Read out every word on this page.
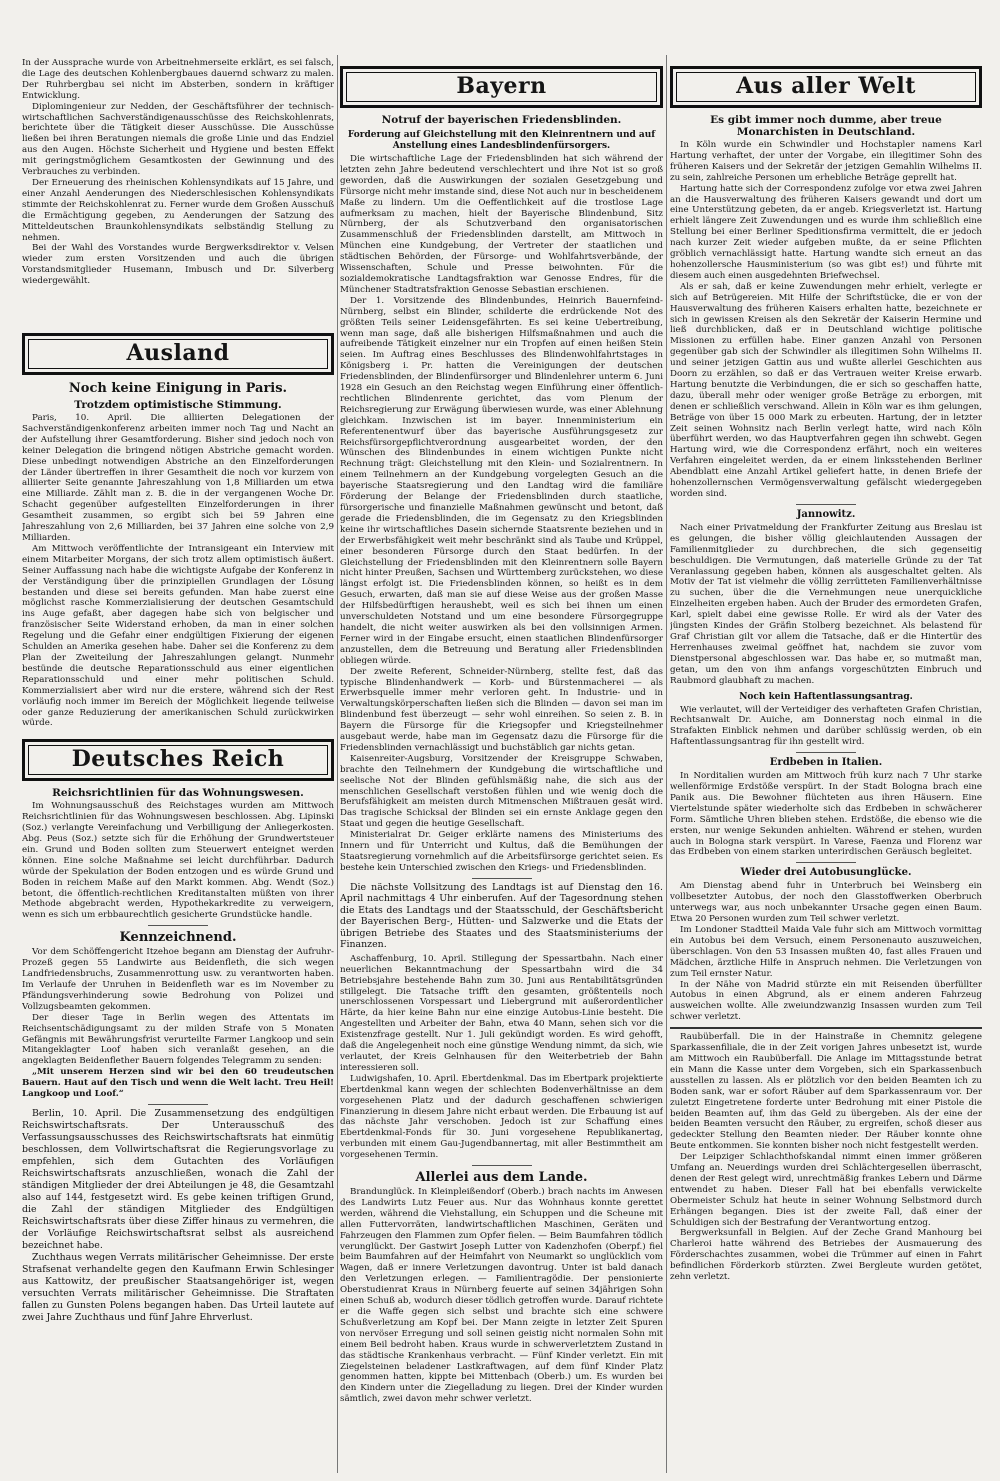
In der Aussprache wurde von Arbeitnehmerseite erklärt, es sei falsch, die Lage des deutschen Kohlenbergbaues dauernd schwarz zu malen. Der Ruhrbergbau sei nicht im Absterben, sondern in kräftiger Entwicklung.

Diplomingenieur zur Nedden, der Geschäftsführer der technisch-wirtschaftlichen Sachverständigenausschüsse des Reichskohlenrats, berichtete über die Tätigkeit dieser Ausschüsse. Die Ausschüsse ließen bei ihren Beratungen niemals die große Linie und das Endziel aus den Augen. Höchste Sicherheit und Hygiene und besten Effekt mit geringstmöglichem Gesamtkosten der Gewinnung und des Verbrauches zu verbinden.

Der Erneuerung des rheinischen Kohlensyndikats auf 15 Jahre, und einer Anzahl Aenderungen des Niederschlesischen Kohlensyndikats stimmte der Reichskohlenrat zu. Ferner wurde dem Großen Ausschuß die Ermächtigung gegeben, zu Aenderungen der Satzung des Mitteldeutschen Braunkohlensyndikats selbständig Stellung zu nehmen.

Bei der Wahl des Vorstandes wurde Bergwerksdirektor v. Velsen wieder zum ersten Vorsitzenden und auch die übrigen Vorstandsmitglieder Husemann, Imbusch und Dr. Silverberg wiedergewählt.

Ausland
Noch keine Einigung in Paris.
Trotzdem optimistische Stimmung.

Paris, 10. April. Die alliierten Delegationen der Sachverständigenkonferenz arbeiten immer noch Tag und Nacht an der Aufstellung ihrer Gesamtforderung. Bisher sind jedoch noch von keiner Delegation die bringend nötigen Abstriche gemacht worden. Diese unbedingt notwendigen Abstriche an den Einzelforderungen der Länder übertreffen in ihrer Gesamtheit die noch vor kurzem von alliierter Seite genannte Jahreszahlung von 1,8 Milliarden um etwa eine Milliarde. Zählt man z. B. die in der vergangenen Woche Dr. Schacht gegenüber aufgestellten Einzelforderungen in ihrer Gesamtheit zusammen, so ergibt sich bei 59 Jahren eine Jahreszahlung von 2,6 Milliarden, bei 37 Jahren eine solche von 2,9 Milliarden.

Am Mittwoch veröffentlichte der Intransigeant ein Interview mit einem Mitarbeiter Morgans, der sich trotz allem optimistisch äußert. Seiner Auffassung nach habe die wichtigste Aufgabe der Konferenz in der Verständigung über die prinzipiellen Grundlagen der Lösung bestanden und diese sei bereits gefunden. Man habe zuerst eine möglichst rasche Kommerzialisierung der deutschen Gesamtschuld ins Auge gefaßt, aber dagegen habe sich von belgischer und französischer Seite Widerstand erhoben, da man in einer solchen Regelung und die Gefahr einer endgültigen Fixierung der eigenen Schulden an Amerika gesehen habe. Daher sei die Konferenz zu dem Plan der Zweiteilung der Jahreszahlungen gelangt. Nunmehr bestünde die deutsche Reparationsschuld aus einer eigentlichen Reparationsschuld und einer mehr politischen Schuld. Kommerzialisiert aber wird nur die erstere, während sich der Rest vorläufig noch immer im Bereich der Möglichkeit liegende teilweise oder ganze Reduzierung der amerikanischen Schuld zurückwirken würde.

Deutsches Reich
Reichsrichtlinien für das Wohnungswesen.

Im Wohnungsausschuß des Reichstages wurden am Mittwoch Reichsrichtlinien für das Wohnungswesen beschlossen. Abg. Lipinski (Soz.) verlangte Vereinfachung und Verbilligung der Anliegerkosten. Abg. Peus (Soz.) setzte sich für die Erhöhung der Grundwertsteuer ein. Grund und Boden sollten zum Steuerwert enteignet werden können. Eine solche Maßnahme sei leicht durchführbar. Dadurch würde der Spekulation der Boden entzogen und es würde Grund und Boden in reichem Maße auf den Markt kommen. Abg. Wendt (Soz.) betont, die öffentlich-rechtlichen Kreditanstalten müßten von ihrer Methode abgebracht werden, Hypothekarkredite zu verweigern, wenn es sich um erbbaurechtlich gesicherte Grundstücke handle.

Kennzeichnend.

Vor dem Schöffengericht Itzehoe begann am Dienstag der Aufruhr-Prozeß gegen 55 Landwirte aus Beidenfleth, die sich wegen Landfriedensbruchs, Zusammenrottung usw. zu verantworten haben. Im Verlaufe der Unruhen in Beidenfleth war es im November zu Pfändungsverhinderung sowie Bedrohung von Polizei und Vollzugsbeamten gekommen.

Der dieser Tage in Berlin wegen des Attentats im Reichsentschädigungsamt zu der milden Strafe von 5 Monaten Gefängnis mit Bewährungsfrist verurteilte Farmer Langkoop und sein Mitangeklagter Loof haben sich veranlaßt gesehen, an die angeklagten Beidenflether Bauern folgendes Telegramm zu senden:

„Mit unserem Herzen sind wir bei den 60 treudeutschen Bauern. Haut auf den Tisch und wenn die Welt lacht. Treu Heil! Langkoop und Loof.“

Berlin, 10. April. Die Zusammensetzung des endgültigen Reichswirtschaftsrats. Der Unterausschuß des Verfassungsausschusses des Reichswirtschaftsrats hat einmütig beschlossen, dem Vollwirtschaftsrat die Regierungsvorlage zu empfehlen, sich dem Gutachten des Vorläufigen Reichswirtschaftsrats anzuschließen, wonach die Zahl der ständigen Mitglieder der drei Abteilungen je 48, die Gesamtzahl also auf 144, festgesetzt wird. Es gebe keinen triftigen Grund, die Zahl der ständigen Mitglieder des Endgültigen Reichswirtschaftsrats über diese Ziffer hinaus zu vermehren, die der Vorläufige Reichswirtschaftsrat selbst als ausreichend bezeichnet habe.

Zuchthaus wegen Verrats militärischer Geheimnisse. Der erste Strafsenat verhandelte gegen den Kaufmann Erwin Schlesinger aus Kattowitz, der preußischer Staatsangehöriger ist, wegen versuchten Verrats militärischer Geheimnisse. Die Straftaten fallen zu Gunsten Polens begangen haben. Das Urteil lautete auf zwei Jahre Zuchthaus und fünf Jahre Ehrverlust.

Bayern
Notruf der bayerischen Friedensblinden.
Forderung auf Gleichstellung mit den Kleinrentnern und auf Anstellung eines Landesblindenfürsorgers.

Die wirtschaftliche Lage der Friedensblinden hat sich während der letzten zehn Jahre bedeutend verschlechtert und ihre Not ist so groß geworden, daß die Auswirkungen der sozialen Gesetzgebung und Fürsorge nicht mehr imstande sind, diese Not auch nur in bescheidenem Maße zu lindern. Um die Oeffentlichkeit auf die trostlose Lage aufmerksam zu machen, hielt der Bayerische Blindenbund, Sitz Nürnberg, der als Schutzverband den organisatorischen Zusammenschluß der Friedensblinden darstellt, am Mittwoch in München eine Kundgebung, der Vertreter der staatlichen und städtischen Behörden, der Fürsorge- und Wohlfahrtsverbände, der Wissenschaften, Schule und Presse beiwohnten. Für die sozialdemokratische Landtagsfraktion war Genosse Endres, für die Münchener Stadtratsfraktion Genosse Sebastian erschienen.

Der 1. Vorsitzende des Blindenbundes, Heinrich Bauernfeind-Nürnberg, selbst ein Blinder, schilderte die erdrückende Not des größten Teils seiner Leidensgefährten. Es sei keine Uebertreibung, wenn man sage, daß alle bisherigen Hilfsmaßnahmen und auch die aufreibende Tätigkeit einzelner nur ein Tropfen auf einen heißen Stein seien. Im Auftrag eines Beschlusses des Blindenwohlfahrtstages in Königsberg i. Pr. hatten die Vereinigungen der deutschen Friedensblinden, der Blindenfürsorger und Blindenlehrer unterm 6. Juni 1928 ein Gesuch an den Reichstag wegen Einführung einer öffentlich-rechtlichen Blindenrente gerichtet, das vom Plenum der Reichsregierung zur Erwägung überwiesen wurde, was einer Ablehnung gleichkam. Inzwischen ist im bayer. Innenministerium ein Referentenentwurf über das bayerische Ausführungsgesetz zur Reichsfürsorgepflichtverordnung ausgearbeitet worden, der den Wünschen des Blindenbundes in einem wichtigen Punkte nicht Rechnung trägt: Gleichstellung mit den Klein- und Sozialrentnern. In einem Teilnehmern an der Kundgebung vorgelegten Gesuch an die bayerische Staatsregierung und den Landtag wird die familiäre Förderung der Belange der Friedensblinden durch staatliche, fürsorgerische und finanzielle Maßnahmen gewünscht und betont, daß gerade die Friedensblinden, die im Gegensatz zu den Kriegsblinden keine ihr wirtschaftliches Dasein sichernde Staatsrente beziehen und in der Erwerbsfähigkeit weit mehr beschränkt sind als Taube und Krüppel, einer besonderen Fürsorge durch den Staat bedürfen. In der Gleichstellung der Friedensblinden mit den Kleinrentnern solle Bayern nicht hinter Preußen, Sachsen und Württemberg zurückstehen, wo diese längst erfolgt ist. Die Friedensblinden können, so heißt es in dem Gesuch, erwarten, daß man sie auf diese Weise aus der großen Masse der Hilfsbedürftigen heraushebt, weil es sich bei ihnen um einen unverschuldeten Notstand und um eine besondere Fürsorgegruppe handelt, die nicht weiter auswirken als bei den vollsinnigen Armen. Ferner wird in der Eingabe ersucht, einen staatlichen Blindenfürsorger anzustellen, dem die Betreuung und Beratung aller Friedensblinden obliegen würde.

Der zweite Referent, Schneider-Nürnberg, stellte fest, daß das typische Blindenhandwerk — Korb- und Bürstenmacherei — als Erwerbsquelle immer mehr verloren geht. In Industrie- und in Verwaltungskörperschaften ließen sich die Blinden — davon sei man im Blindenbund fest überzeugt — sehr wohl einreihen. So seien z. B. in Bayern die Fürsorge für die Kriegsopfer und Kriegsteilnehmer ausgebaut werde, habe man im Gegensatz dazu die Fürsorge für die Friedensblinden vernachlässigt und buchstäblich gar nichts getan.

Kaisenreiter-Augsburg, Vorsitzender der Kreisgruppe Schwaben, brachte den Teilnehmern der Kundgebung die wirtschaftliche und seelische Not der Blinden gefühlsmäßig nahe, die sich aus der menschlichen Gesellschaft verstoßen fühlen und wie wenig doch die Berufsfähigkeit am meisten durch Mitmenschen Mißtrauen gesät wird. Das tragische Schicksal der Blinden sei ein ernste Anklage gegen den Staat und gegen die heutige Gesellschaft.

Ministerialrat Dr. Geiger erklärte namens des Ministeriums des Innern und für Unterricht und Kultus, daß die Bemühungen der Staatsregierung vornehmlich auf die Arbeitsfürsorge gerichtet seien. Es bestehe kein Unterschied zwischen den Kriegs- und Friedensblinden.

Die nächste Vollsitzung des Landtags ist auf Dienstag den 16. April nachmittags 4 Uhr einberufen. Auf der Tagesordnung stehen die Etats des Landtags und der Staatsschuld, der Geschäftsbericht der Bayerischen Berg-, Hütten- und Salzwerke und die Etats der übrigen Betriebe des Staates und des Staatsministeriums der Finanzen.

Aschaffenburg, 10. April. Stillegung der Spessartbahn. Nach einer neuerlichen Bekanntmachung der Spessartbahn wird die 34 Betriebsjahre bestehende Bahn zum 30. Juni aus Rentabilitätsgründen stillgelegt. Die Tatsache trifft den gesamten, größtenteils noch unerschlossenen Vorspessart und Liebergrund mit außerordentlicher Härte, da hier keine Bahn nur eine einzige Autobus-Linie besteht. Die Angestellten und Arbeiter der Bahn, etwa 40 Mann, sehen sich vor die Existenzfrage gestellt. Nur 1. Juli gekündigt worden. Es wird gehofft, daß die Angelegenheit noch eine günstige Wendung nimmt, da sich, wie verlautet, der Kreis Gelnhausen für den Weiterbetrieb der Bahn interessieren soll.

Ludwigshafen, 10. April. Ebertdenkmal. Das im Ebertpark projektierte Ebertdenkmal kann wegen der schlechten Bodenverhältnisse an dem vorgesehenen Platz und der dadurch geschaffenen schwierigen Finanzierung in diesem Jahre nicht erbaut werden. Die Erbauung ist auf das nächste Jahr verschoben. Jedoch ist zur Schaffung eines Ebertdenkmal-Fonds für 30. Juni vorgesehene Republikanertag, verbunden mit einem Gau-Jugendbannertag, mit aller Bestimmtheit am vorgesehenen Termin.

Allerlei aus dem Lande.

Brandunglück. In Kleinpleißendorf (Oberb.) brach nachts im Anwesen des Landwirts Lutz Feuer aus. Nur das Wohnhaus konnte gerettet werden, während die Viehstallung, ein Schuppen und die Scheune mit allen Futtervorräten, landwirtschaftlichen Maschinen, Geräten und Fahrzeugen den Flammen zum Opfer fielen. — Beim Baumfahren tödlich verunglückt. Der Gastwirt Joseph Lutter von Kadenzhofen (Oberpf.) fiel beim Baumfahren auf der Heimfahrt von Neumarkt so unglücklich vom Wagen, daß er innere Verletzungen davontrug. Unter ist bald danach den Verletzungen erlegen. — Familientragödie. Der pensionierte Oberstudienrat Kraus in Nürnberg feuerte auf seinen 34jährigen Sohn einen Schuß ab, wodurch dieser tödlich getroffen wurde. Darauf richtete er die Waffe gegen sich selbst und brachte sich eine schwere Schußverletzung am Kopf bei. Der Mann zeigte in letzter Zeit Spuren von nervöser Erregung und soll seinen geistig nicht normalen Sohn mit einem Beil bedroht haben. Kraus wurde in schwerverletztem Zustand in das städtische Krankenhaus verbracht. — Fünf Kinder verletzt. Ein mit Ziegelsteinen beladener Lastkraftwagen, auf dem fünf Kinder Platz genommen hatten, kippte bei Mittenbach (Oberb.) um. Es wurden bei den Kindern unter die Ziegelladung zu liegen. Drei der Kinder wurden sämtlich, zwei davon mehr schwer verletzt.

Aus aller Welt
Es gibt immer noch dumme, aber treue Monarchisten in Deutschland.

In Köln wurde ein Schwindler und Hochstapler namens Karl Hartung verhaftet, der unter der Vorgabe, ein illegitimer Sohn des früheren Kaisers und der Sekretär der jetzigen Gemahlin Wilhelms II. zu sein, zahlreiche Personen um erhebliche Beträge geprellt hat.

Hartung hatte sich der Correspondenz zufolge vor etwa zwei Jahren an die Hausverwaltung des früheren Kaisers gewandt und dort um eine Unterstützung gebeten, da er angeb. Kriegsverletzt ist. Hartung erhielt längere Zeit Zuwendungen und es wurde ihm schließlich eine Stellung bei einer Berliner Speditionsfirma vermittelt, die er jedoch nach kurzer Zeit wieder aufgeben mußte, da er seine Pflichten gröblich vernachlässigt hatte. Hartung wandte sich erneut an das hohenzollersche Hausministerium (so was gibt es!) und führte mit diesem auch einen ausgedehnten Briefwechsel.

Als er sah, daß er keine Zuwendungen mehr erhielt, verlegte er sich auf Betrügereien. Mit Hilfe der Schriftstücke, die er von der Hausverwaltung des früheren Kaisers erhalten hatte, bezeichnete er sich in gewissen Kreisen als den Sekretär der Kaiserin Hermine und ließ durchblicken, daß er in Deutschland wichtige politische Missionen zu erfüllen habe. Einer ganzen Anzahl von Personen gegenüber gab sich der Schwindler als illegitimen Sohn Wilhelms II. und seiner jetzigen Gattin aus und wußte allerlei Geschichten aus Doorn zu erzählen, so daß er das Vertrauen weiter Kreise erwarb. Hartung benutzte die Verbindungen, die er sich so geschaffen hatte, dazu, überall mehr oder weniger große Beträge zu erborgen, mit denen er schließlich verschwand. Allein in Köln war es ihm gelungen, Beträge von über 15 000 Mark zu erbeuten. Hartung, der in letzter Zeit seinen Wohnsitz nach Berlin verlegt hatte, wird nach Köln überführt werden, wo das Hauptverfahren gegen ihn schwebt. Gegen Hartung wird, wie die Correspondenz erfährt, noch ein weiteres Verfahren eingeleitet werden, da er einem linksstehenden Berliner Abendblatt eine Anzahl Artikel geliefert hatte, in denen Briefe der hohenzollernschen Vermögensverwaltung gefälscht wiedergegeben worden sind.

Jannowitz.

Nach einer Privatmeldung der Frankfurter Zeitung aus Breslau ist es gelungen, die bisher völlig gleichlautenden Aussagen der Familienmitglieder zu durchbrechen, die sich gegenseitig beschuldigen. Die Vermutungen, daß materielle Gründe zu der Tat Veranlassung gegeben haben, können als ausgeschaltet gelten. Als Motiv der Tat ist vielmehr die völlig zerrütteten Familienverhältnisse zu suchen, über die die Vernehmungen neue unerquickliche Einzelheiten ergeben haben. Auch der Bruder des ermordeten Grafen, Karl, spielt dabei eine gewisse Rolle. Er wird als der Vater des jüngsten Kindes der Gräfin Stolberg bezeichnet. Als belastend für Graf Christian gilt vor allem die Tatsache, daß er die Hintertür des Herrenhauses zweimal geöffnet hat, nachdem sie zuvor vom Dienstpersonal abgeschlossen war. Das habe er, so mutmaßt man, getan, um den von ihm anfangs vorgeschützten Einbruch und Raubmord glaubhaft zu machen.

Noch kein Haftentlassungsantrag.

Wie verlautet, will der Verteidiger des verhafteten Grafen Christian, Rechtsanwalt Dr. Auiche, am Donnerstag noch einmal in die Strafakten Einblick nehmen und darüber schlüssig werden, ob ein Haftentlassungsantrag für ihn gestellt wird.

Erdbeben in Italien.

In Norditalien wurden am Mittwoch früh kurz nach 7 Uhr starke wellenförmige Erdstöße verspürt. In der Stadt Bologna brach eine Panik aus. Die Bewohner flüchteten aus ihren Häusern. Eine Viertelstunde später wiederholte sich das Erdbeben in schwächerer Form. Sämtliche Uhren blieben stehen. Erdstöße, die ebenso wie die ersten, nur wenige Sekunden anhielten. Während er stehen, wurden auch in Bologna stark verspürt. In Varese, Faenza und Florenz war das Erdbeben von einem starken unterirdischen Geräusch begleitet.

Wieder drei Autobusunglücke.

Am Dienstag abend fuhr in Unterbruch bei Weinsberg ein vollbesetzter Autobus, der noch den Glasstoffwerken Oberbruch unterwegs war, aus noch unbekannter Ursache gegen einen Baum. Etwa 20 Personen wurden zum Teil schwer verletzt.

Im Londoner Stadtteil Maida Vale fuhr sich am Mittwoch vormittag ein Autobus bei dem Versuch, einem Personenauto auszuweichen, überschlagen. Von den 53 Insassen mußten 40, fast alles Frauen und Mädchen, ärztliche Hilfe in Anspruch nehmen. Die Verletzungen von zum Teil ernster Natur.

In der Nähe von Madrid stürzte ein mit Reisenden überfüllter Autobus in einen Abgrund, als er einem anderen Fahrzeug ausweichen wollte. Alle zweiundzwanzig Insassen wurden zum Teil schwer verletzt.

Raubüberfall. Die in der Hainstraße in Chemnitz gelegene Sparkassenfiliale, die in der Zeit vorigen Jahres unbesetzt ist, wurde am Mittwoch ein Raubüberfall. Die Anlage im Mittagsstunde betrat ein Mann die Kasse unter dem Vorgeben, sich ein Sparkassenbuch ausstellen zu lassen. Als er plötzlich vor den beiden Beamten ich zu Boden sank, war er sofort Räuber auf dem Sparkassenraum vor. Der zuletzt Eingetretene forderte unter Bedrohung mit einer Pistole die beiden Beamten auf, ihm das Geld zu übergeben. Als der eine der beiden Beamten versucht den Räuber, zu ergreifen, schoß dieser aus gedeckter Stellung den Beamten nieder. Der Räuber konnte ohne Beute entkommen. Sie konnten bisher noch nicht festgestellt werden.

Der Leipziger Schlachthofskandal nimmt einen immer größeren Umfang an. Neuerdings wurden drei Schlächtergesellen überrascht, denen der Rest gelegt wird, unrechtmäßig frankes Lebern und Därme entwendet zu haben. Dieser Fall hat bei ebenfalls verwickelte Obermeister Schulz hat heute in seiner Wohnung Selbstmord durch Erhängen begangen. Dies ist der zweite Fall, daß einer der Schuldigen sich der Bestrafung der Verantwortung entzog.

Bergwerksunfall in Belgien. Auf der Zeche Grand Manhourg bei Charleroi hatte während des Betriebes der Ausmauerung des Förderschachtes zusammen, wobei die Trümmer auf einen in Fahrt befindlichen Förderkorb stürzten. Zwei Bergleute wurden getötet, zehn verletzt.
